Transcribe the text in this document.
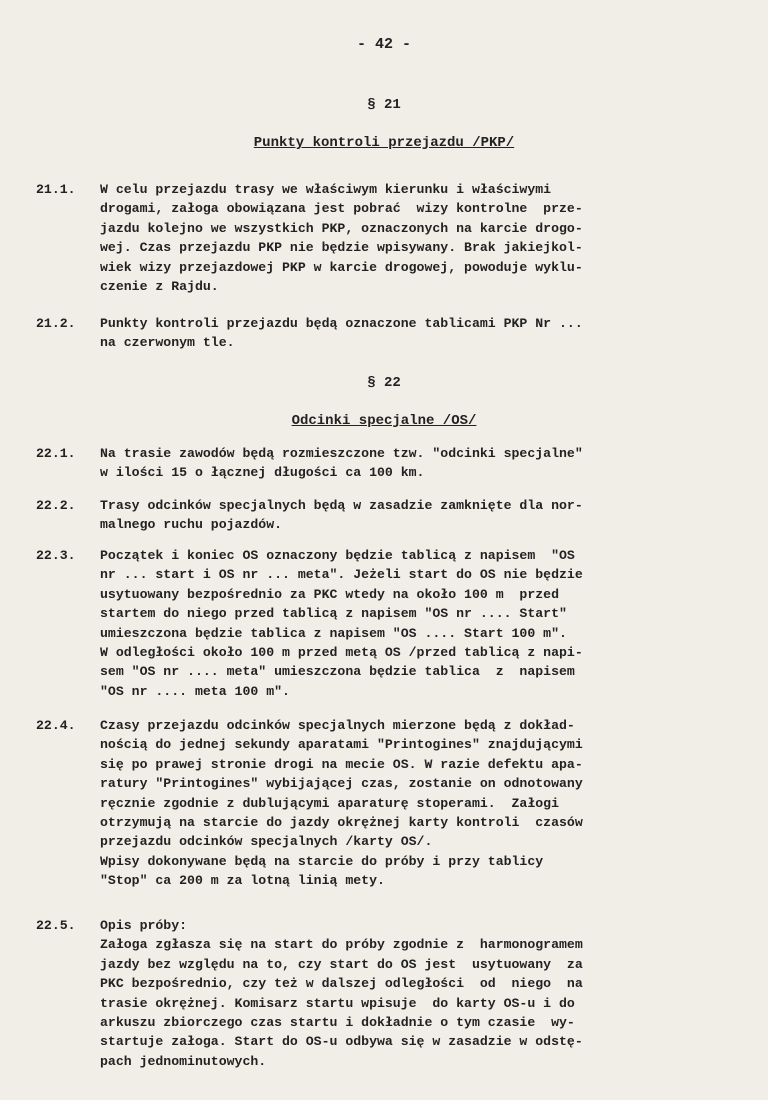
- 42 -
§ 21
Punkty kontroli przejazdu /PKP/
21.1.	W celu przejazdu trasy we właściwym kierunku i właściwymi
drogami, załoga obowiązana jest pobrać  wizy kontrolne  prze-
jazdu kolejno we wszystkich PKP, oznaczonych na karcie drogo-
wej. Czas przejazdu PKP nie będzie wpisywany. Brak jakiejkol-
wiek wizy przejazdowej PKP w karcie drogowej, powoduje wyklu-
czenie z Rajdu.
21.2.	Punkty kontroli przejazdu będą oznaczone tablicami PKP Nr ...
na czerwonym tle.
§ 22
Odcinki specjalne /OS/
22.1.	Na trasie zawodów będą rozmieszczone tzw. "odcinki specjalne"
w ilości 15 o łącznej długości ca 100 km.
22.2.	Trasy odcinków specjalnych będą w zasadzie zamknięte dla nor-
malnego ruchu pojazdów.
22.3.	Początek i koniec OS oznaczony będzie tablicą z napisem  "OS
nr ... start i OS nr ... meta". Jeżeli start do OS nie będzie
usytuowany bezpośrednio za PKC wtedy na około 100 m  przed
startem do niego przed tablicą z napisem "OS nr .... Start"
umieszczona będzie tablica z napisem "OS .... Start 100 m".
W odległości około 100 m przed metą OS /przed tablicą z napi-
sem "OS nr .... meta" umieszczona będzie tablica  z  napisem
"OS nr .... meta 100 m".
22.4.	Czasy przejazdu odcinków specjalnych mierzone będą z dokład-
nością do jednej sekundy aparatami "Printogines" znajdującymi
się po prawej stronie drogi na mecie OS. W razie defektu apa-
ratury "Printogines" wybijającej czas, zostanie on odnotowany
ręcznie zgodnie z dublującymi aparaturę stoperami.  Załogi
otrzymują na starcie do jazdy okrężnej karty kontroli  czasów
przejazdu odcinków specjalnych /karty OS/.
Wpisy dokonywane będą na starcie do próby i przy tablicy
"Stop" ca 200 m za lotną linią mety.
22.5.	Opis próby:
Załoga zgłasza się na start do próby zgodnie z  harmonogramem
jazdy bez względu na to, czy start do OS jest  usytuowany  za
PKC bezpośrednio, czy też w dalszej odległości  od  niego  na
trasie okrężnej. Komisarz startu wpisuje  do karty OS-u i do
arkuszu zbiorczego czas startu i dokładnie o tym czasie  wy-
startuje załoga. Start do OS-u odbywa się w zasadzie w odstę-
pach jednominutowych.
